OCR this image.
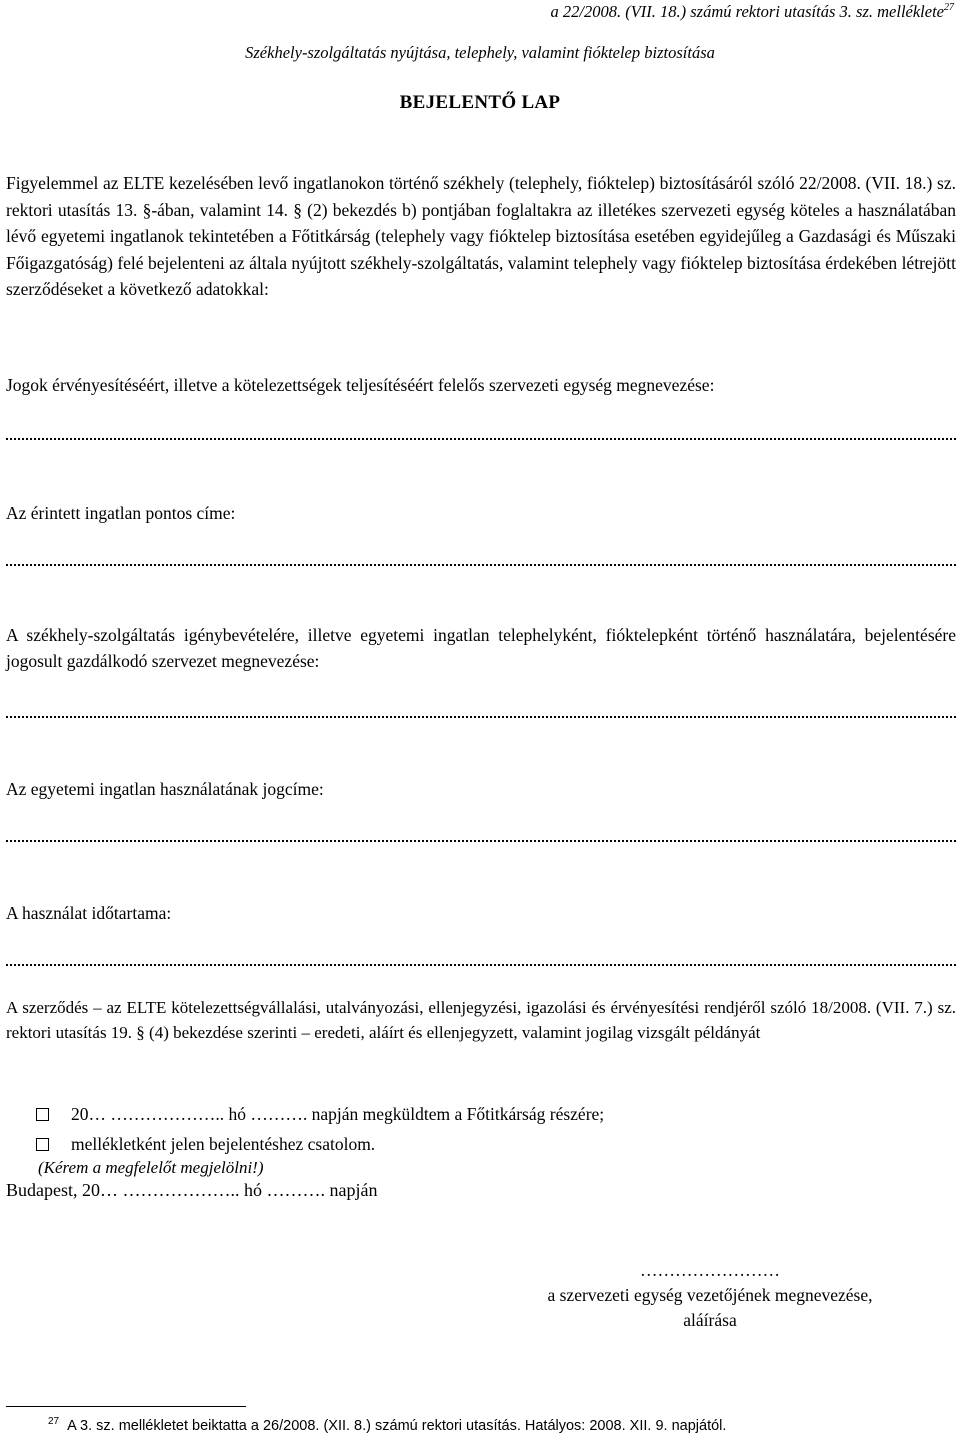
a 22/2008. (VII. 18.) számú rektori utasítás 3. sz. melléklete$^{27}$
Székhely-szolgáltatás nyújtása, telephely, valamint fióktelep biztosítása
BEJELENTŐ LAP

Figyelemmel az ELTE kezelésében levő ingatlanokon történő székhely (telephely, fióktelep) biztosításáról szóló 22/2008. (VII. 18.) sz. rektori utasítás 13. §-ában, valamint 14. § (2) bekezdés b) pontjában foglaltakra az illetékes szervezeti egység köteles a használatában lévő egyetemi ingatlanok tekintetében a Főtitkárság (telephely vagy fióktelep biztosítása esetében egyidejűleg a Gazdasági és Műszaki Főigazgatóság) felé bejelenteni az általa nyújtott székhely-szolgáltatás, valamint telephely vagy fióktelep biztosítása érdekében létrejött szerződéseket a következő adatokkal:

Jogok érvényesítéséért, illetve a kötelezettségek teljesítéséért felelős szervezeti egység megnevezése:
Az érintett ingatlan pontos címe:
A székhely-szolgáltatás igénybevételére, illetve egyetemi ingatlan telephelyként, fióktelepként történő használatára, bejelentésére jogosult gazdálkodó szervezet megnevezése:
Az egyetemi ingatlan használatának jogcíme:
A használat időtartama:
A szerződés – az ELTE kötelezettségvállalási, utalványozási, ellenjegyzési, igazolási és érvényesítési rendjéről szóló 18/2008. (VII. 7.) sz. rektori utasítás 19. § (4) bekezdése szerinti – eredeti, aláírt és ellenjegyzett, valamint jogilag vizsgált példányát
20… ……………….. hó ………. napján megküldtem a Főtitkárság részére;
mellékletként jelen bejelentéshez csatolom.
(Kérem a megfelelőt megjelölni!)
Budapest, 20… ……………….. hó ………. napján
……………………
a szervezeti egység vezetőjének megnevezése,
aláírása
$^{27}$ A 3. sz. mellékletet beiktatta a 26/2008. (XII. 8.) számú rektori utasítás. Hatályos: 2008. XII. 9. napjától.
